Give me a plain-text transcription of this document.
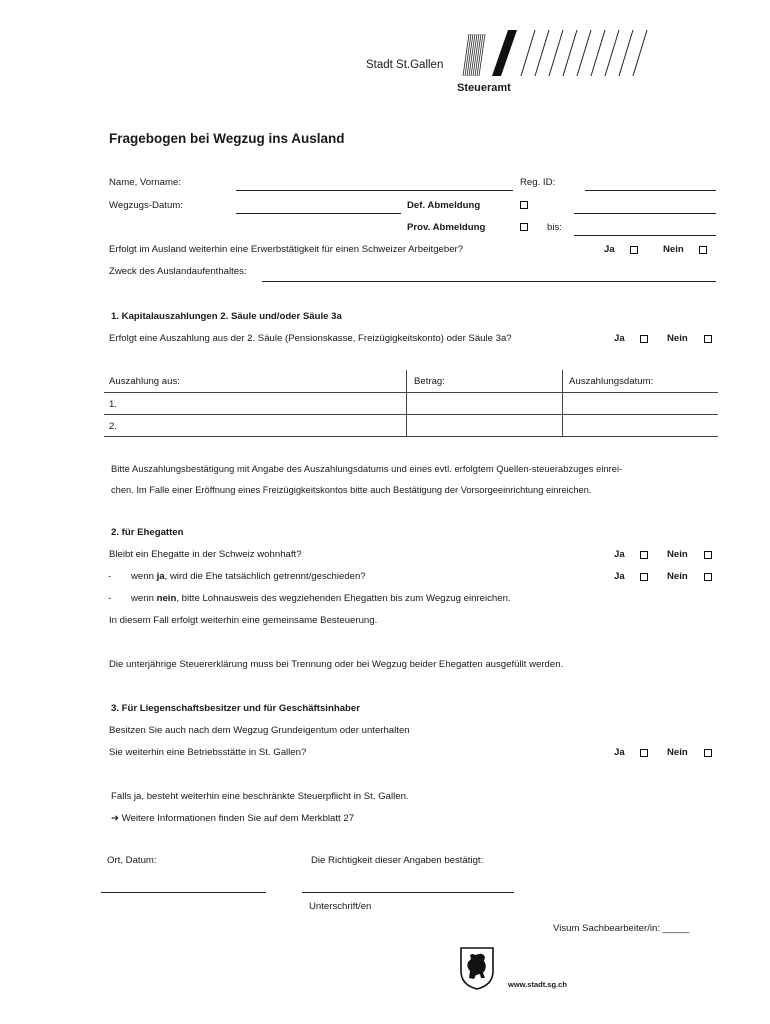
Stadt St.Gallen
Steueramt
Fragebogen bei Wegzug ins Ausland
Name, Vorname:	Reg. ID:
Wegzugs-Datum:	Def. Abmeldung
Prov. Abmeldung	bis:
Erfolgt im Ausland weiterhin eine Erwerbstätigkeit für einen Schweizer Arbeitgeber?	Ja	Nein
Zweck des Auslandaufenthaltes:
1. Kapitalauszahlungen 2. Säule und/oder Säule 3a
Erfolgt eine Auszahlung aus der 2. Säule (Pensionskasse, Freizügigkeitskonto) oder Säule 3a?	Ja	Nein
Auszahlung aus:	Betrag:	Auszahlungsdatum:
1.
2.
Bitte Auszahlungsbestätigung mit Angabe des Auszahlungsdatums und eines evtl. erfolgtem Quellen-steuerabzuges einrei-
chen. Im Falle einer Eröffnung eines Freizügigkeitskontos bitte auch Bestätigung der Vorsorgeeinrichtung einreichen.
2. für Ehegatten
Bleibt ein Ehegatte in der Schweiz wohnhaft?	Ja	Nein
- wenn ja, wird die Ehe tatsächlich getrennt/geschieden?	Ja	Nein
- wenn nein, bitte Lohnausweis des wegziehenden Ehegatten bis zum Wegzug einreichen.
In diesem Fall erfolgt weiterhin eine gemeinsame Besteuerung.
Die unterjährige Steuererklärung muss bei Trennung oder bei Wegzug beider Ehegatten ausgefüllt werden.
3. Für Liegenschaftsbesitzer und für Geschäftsinhaber
Besitzen Sie auch nach dem Wegzug Grundeigentum oder unterhalten
Sie weiterhin eine Betriebsstätte in St. Gallen?	Ja	Nein
Falls ja, besteht weiterhin eine beschränkte Steuerpflicht in St. Gallen.
➔ Weitere Informationen finden Sie auf dem Merkblatt 27
Ort, Datum:	Die Richtigkeit dieser Angaben bestätigt:
Unterschrift/en
Visum Sachbearbeiter/in: _____
www.stadt.sg.ch
